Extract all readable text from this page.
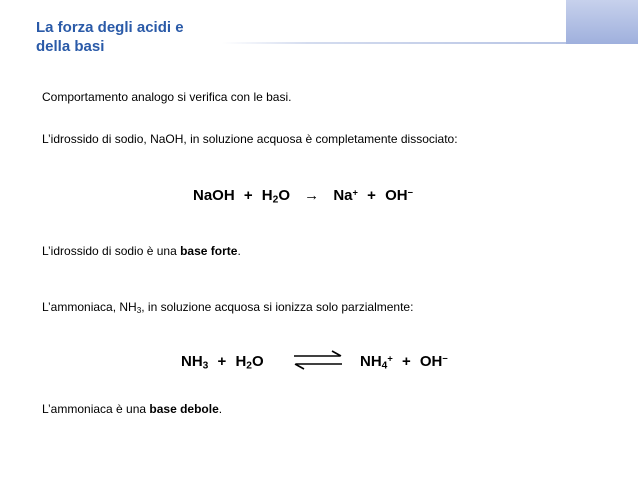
La forza degli acidi e
della basi
Comportamento analogo si verifica con le basi.
L’idrossido di sodio, NaOH, in soluzione acquosa è completamente dissociato:
NaOH + $H_2O \to Na^+ + OH^-$
L’idrossido di sodio è una base forte.
L’ammoniaca, $NH_3$, in soluzione acquosa si ionizza solo parzialmente:
$NH_3 + H_2O$ ⇌ $NH_4^+ + OH^-$
L’ammoniaca è una base debole.
